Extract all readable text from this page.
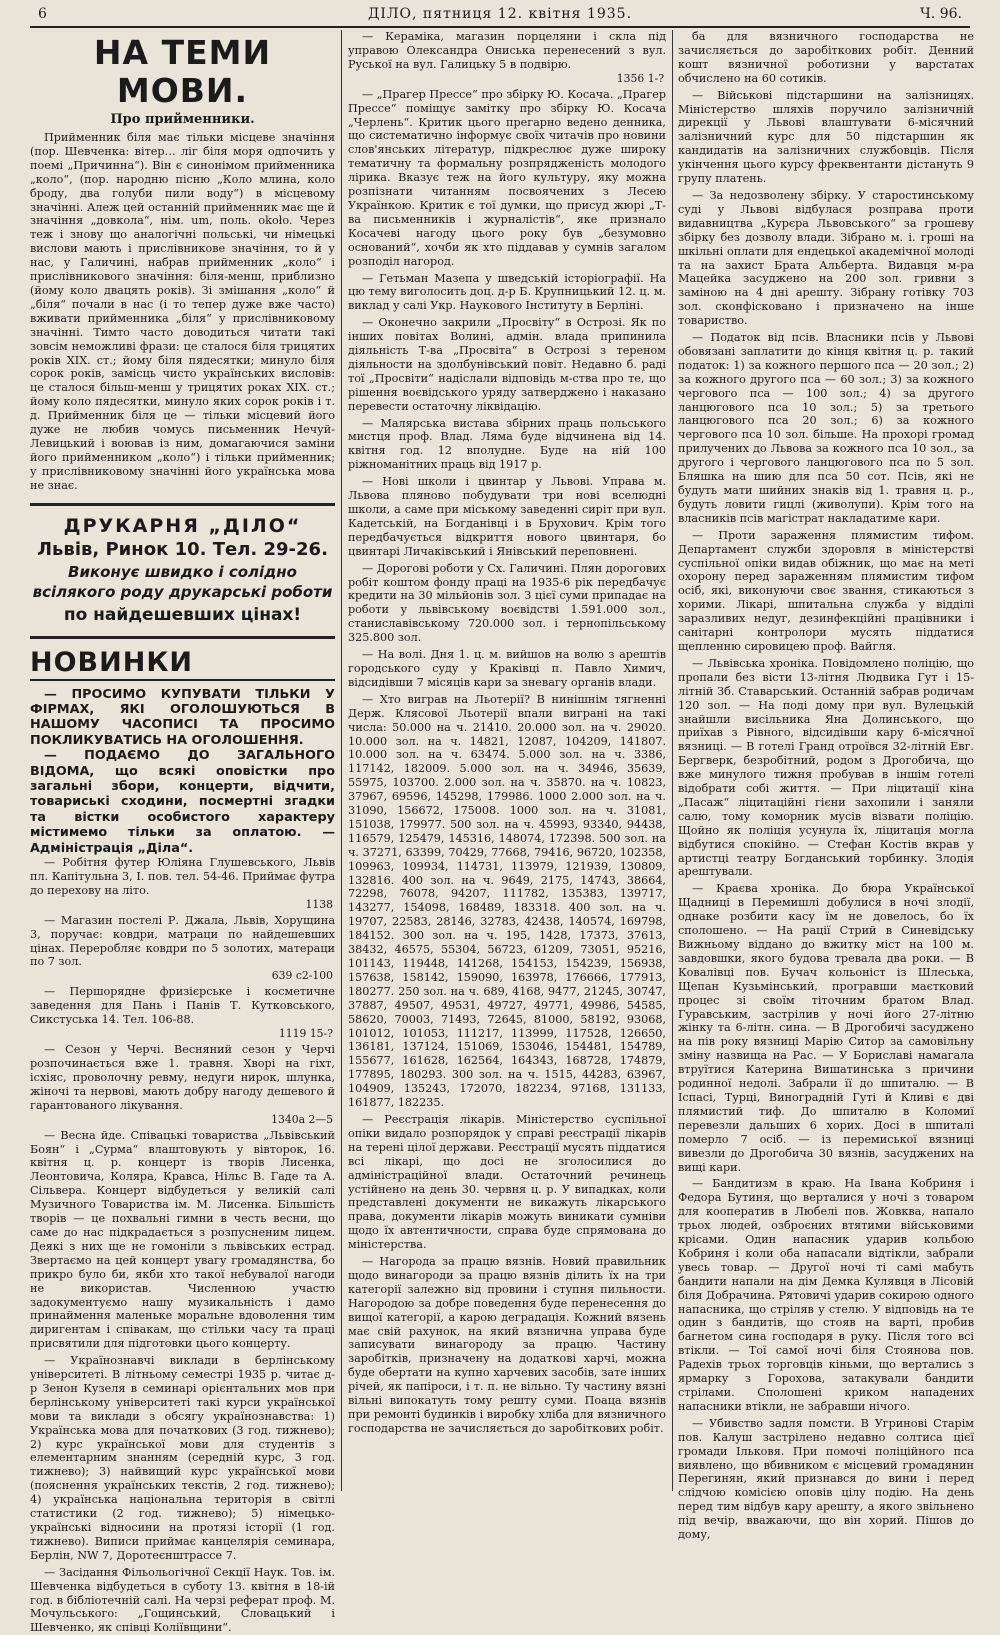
6	ДІЛО, пятниця 12. квітня 1935.	Ч. 96.
НА ТЕМИ МОВИ.
Про прийменники.

Прийменник біля має тільки місцеве значіння (пор. Шевченка: вітер… ліг біля моря одпочить у поемі „Причинна“). Він є синонімом прийменника „коло“, (пор. народню пісню „Коло млина, коло броду, два голуби пили воду“) в місцевому значінні. Алеж цей останній прийменник має ще й значіння „довкола“, нім. um, поль. około. Через теж і знову що аналогічні польські, чи німецькі вислови мають і прислівникове значіння, то й у нас, у Галичині, набрав прийменник „коло“ і прислівникового значіння: біля-менш, приблизно (йому коло двацять років). Зі змішання „коло“ й „біля“ почали в нас (і то тепер дуже вже часто) вживати прийменника „біля“ у прислівниковому значінні. Тимто часто доводиться читати такі зовсім неможливі фрази: це сталося біля трицятих років XIX. ст.; йому біля пядесятки; минуло біля сорок років, замісць чисто українських висловів: це сталося більш-менш у трицятих роках XIX. ст.; йому коло пядесятки, минуло яких сорок років і т. д. Прийменник біля це — тільки місцевий його дуже не любив чомусь письменник Нечуй-Левицький і воював із ним, домагаючися заміни його прийменником „коло“) і тільки прийменник; у прислівниковому значінні його українська мова не знає.

ДРУКАРНЯ „ДІЛО“
Львів, Ринок 10. Тел. 29-26.
Виконує швидко і солідно всілякого роду друкарські роботи
по найдешевших цінах!
НОВИНКИ
— ПРОСИМО КУПУВАТИ ТІЛЬКИ У ФІРМАХ, ЯКІ ОГОЛОШУЮТЬСЯ В НАШОМУ ЧАСОПИСІ ТА ПРОСИМО ПОКЛИКУВАТИСЬ НА ОГОЛОШЕННЯ.
— ПОДАЄМО ДО ЗАГАЛЬНОГО ВІДОМА, що всякі оповістки про загальні збори, концерти, відчити, товариські сходини, посмертні згадки та вістки особистого характеру містимемо тільки за оплатою. — Адміністрація „Діла“.

— Робітня футер Юліяна Глушевського, Львів пл. Капітульна 3, І. пов. тел. 54-46. Приймає футра до перехову на літо.

1138

— Магазин постелі Р. Джала, Львів, Хорущина 3, поручає: ковдри, матраци по найдешевших цінах. Переробляє ковдри по 5 золотих, матераци по 7 зол.

639 с2-100

— Першорядне фризієрське і косметичне заведення для Пань і Панів Т. Кутковського, Сикстуська 14. Тел. 106-88.

1119 15-?

— Сезон у Черчі. Весняний сезон у Черчі розпочинається вже 1. травня. Хворі на гіхт, ісхіяс, проволочну ревму, недуги нирок, шлунка, жіночі та нервові, мають добру нагоду дешевого й гарантованого лікування.

1340а 2—5

— Весна йде. Співацькі товариства „Львівський Боян“ і „Сурма“ влаштовують у вівторок, 16. квітня ц. р. концерт із творів Лисенка, Леонтовича, Коляра, Кравса, Нільс В. Гаде та А. Сільвера. Концерт відбудеться у великій салі Музичного Товариства ім. М. Лисенка. Більшість творів — це похвальні гимни в честь весни, що саме до нас підкрадається з розпусненим лицем. Деякі з них ще не гомоніли з львівських естрад. Звертаємо на цей концерт увагу громадянства, бо прикро було би, якби хто такої небувалої нагоди не використав. Численною участю задокументуємо нашу музикальність і дамо принаймення маленьке моральне вдоволення тим диригентам і співакам, що стільки часу та праці присвятили для підготовки цього концерту.

— Українознавчі виклади в берлінському університеті. В літньому семестрі 1935 р. читає д-р Зенон Кузеля в семинарі орієнтальних мов при берлінському університеті такі курси української мови та виклади з обсягу українознавства: 1) Українська мова для початкових (3 год. тижнево); 2) курс української мови для студентів з елементарним знанням (середній курс, 3 год. тижнево); 3) найвищий курс української мови (пояснення українських текстів, 2 год. тижнево); 4) українська національна територія в світлі статистики (2 год. тижнево); 5) німецько-українські відносини на протязі історії (1 год. тижнево). Виписи приймає канцелярія семинара, Берлін, NW 7, Доротеєнштрассе 7.

— Засідання Фільольогічної Секції Наук. Тов. ім. Шевченка відбудеться в суботу 13. квітня в 18-ій год. в бібліотечній салі. На черзі реферат проф. М. Мочульського: „Гощинський, Словацький і Шевченко, як співці Коліївщини“.

— Кераміка, магазин порцеляни і скла під управою Олександра Ониська перенесений з вул. Руської на вул. Галицьку 5 в подвірю.

1356 1-?

— „Прагер Прессе“ про збірку Ю. Косача. „Прагер Прессе“ поміщує замітку про збірку Ю. Косача „Черлень“. Критик цього прегарно ведено денника, що систематично інформує своїх читачів про новини слов'янських літератур, підкреслює дуже широку тематичну та формальну розпрядженість молодого лірика. Вказує теж на його культуру, яку можна розпізнати читанням посвоячених з Лесею Українкою. Критик є тої думки, що присуд жюрі „Т-ва письменників і журналістів“, яке признало Косачеві нагоду цього року був „безумовно оснований“, хочби як хто піддавав у сумнів загалом розподіл нагород.

— Гетьман Мазепа у шведській історіографії. На цю тему виголосить доц. д-р Б. Крупницький 12. ц. м. виклад у салі Укр. Наукового Інституту в Берліні.

— Оконечно закрили „Просвіту“ в Острозі. Як по інших повітах Волині, адмін. влада припинила діяльність Т-ва „Просвіта“ в Острозі з тереном діяльности на здолбунівський повіт. Недавно б. раді тої „Просвіти“ надіслали відповідь м-ства про те, що рішення воєвідського уряду затверджено і наказано перевести остаточну ліквідацію.

— Малярська вистава збірних праць польського мистця проф. Влад. Ляма буде відчинена від 14. квітня год. 12 вполудне. Буде на ній 100 ріжноманітних праць від 1917 р.

— Нові школи і цвинтар у Львові. Управа м. Львова пляново побудувати три нові вселюдні школи, а саме при міському заведенні сиріт при вул. Кадетській, на Богданівці і в Брухович. Крім того передбачується відкриття нового цвинтаря, бо цвинтарі Личаківський і Янівський переповнені.

— Дорогові роботи у Сх. Галичині. Плян дорогових робіт коштом фонду праці на 1935-6 рік передбачує кредити на 30 мільйонів зол. З цієї суми припадає на роботи у львівському воєвідстві 1.591.000 зол., станиславівському 720.000 зол. і тернопільському 325.800 зол.

— На волі. Дня 1. ц. м. вийшов на волю з арештів городського суду у Краківці п. Павло Химич, відсидівши 7 місяців кари за зневагу органів влади.

— Хто виграв на Льотерії? В нинішнім тягненні Держ. Клясової Льотерії впали виграні на такі числа: 50.000 на ч. 21410. 20.000 зол. на ч. 29020. 10.000 зол. на ч. 14821, 12087, 104209, 141807. 10.000 зол. на ч. 63474. 5.000 зол. на ч. 3386, 117142, 182009. 5.000 зол. на ч. 34946, 35639, 55975, 103700. 2.000 зол. на ч. 35870. на ч. 10823, 37967, 69596, 145298, 179986. 1000 2.000 зол. на ч. 31090, 156672, 175008. 1000 зол. на ч. 31081, 151038, 179977. 500 зол. на ч. 45993, 93340, 94438, 116579, 125479, 145316, 148074, 172398. 500 зол. на ч. 37271, 63399, 70429, 77668, 79416, 96720, 102358, 109963, 109934, 114731, 113979, 121939, 130809, 132816. 400 зол. на ч. 9649, 2175, 14743, 38664, 72298, 76078, 94207, 111782, 135383, 139717, 143277, 154098, 168489, 183318. 400 зол. на ч. 19707, 22583, 28146, 32783, 42438, 140574, 169798, 184152. 300 зол. на ч. 195, 1428, 17373, 37613, 38432, 46575, 55304, 56723, 61209, 73051, 95216, 101143, 119448, 141268, 154153, 154239, 156938, 157638, 158142, 159090, 163978, 176666, 177913, 180277. 250 зол. на ч. 689, 4168, 9477, 21245, 30747, 37887, 49507, 49531, 49727, 49771, 49986, 54585, 58620, 70003, 71493, 72645, 81000, 58192, 93068, 101012, 101053, 111217, 113999, 117528, 126650, 136181, 137124, 151069, 153046, 154481, 154789, 155677, 161628, 162564, 164343, 168728, 174879, 177895, 180293. 300 зол. на ч. 1515, 44283, 63967, 104909, 135243, 172070, 182234, 97168, 131133, 161877, 182235.

— Реєстрація лікарів. Міністерство суспільної опіки видало розпорядок у справі реєстрації лікарів на терені цілої держави. Реєстрації мусять піддатися всі лікарі, що досі не зголосилися до адміністраційної влади. Остаточний речинець устійнено на день 30. червня ц. р. У випадках, коли представлені документи не викажуть лікарського права, документи лікарів можуть виникати сумніви щодо їх автентичности, справа буде спрямована до міністерства.

— Нагорода за працю вязнів. Новий правильник щодо винагороди за працю вязнів ділить їх на три категорії залежно від провини і ступня пильности. Нагородою за добре поведення буде перенесення до вищої категорії, а карою деградація. Кожний вязень має свій рахунок, на який вязнична управа буде записувати винагороду за працю. Частину заробітків, призначену на додаткові харчі, можна буде обертати на купно харчевих засобів, зате інших річей, як папіроси, і т. п. не вільно. Ту частину вязні вільні випокатуть тому решту суми. Поаца вязнів при ремонті будинків і виробку хліба для вязничного господарства не зачисляється до заробіткових робіт.

ба для вязничного господарства не зачисляється до заробіткових робіт. Денний кошт вязничної роботизни у варстатах обчислено на 60 сотиків.

— Військові підстаршини на залізницях. Міністерство шляхів поручило залізничній дирекції у Львові влаштувати 6-місячний залізничний курс для 50 підстаршин як кандидатів на залізничних службовців. Після укінчення цього курсу фреквентанти дістануть 9 групу платень.

— За недозволену збірку. У старостинському суді у Львові відбулася розправа проти видавництва „Курєра Львовського“ за грошеву збірку без дозволу влади. Зібрано м. і. гроші на шкільні оплати для ендецької академічної молоді та на захист Брата Альберта. Видавця м-ра Мацейка засуджено на 200 зол. гривни з заміною на 4 дні арешту. Зібрану готівку 703 зол. сконфісковано і призначено на інше товариство.

— Податок від псів. Власники псів у Львові обовязані заплатити до кінця квітня ц. р. такий податок: 1) за кожного першого пса — 20 зол.; 2) за кожного другого пса — 60 зол.; 3) за кожного чергового пса — 100 зол.; 4) за другого ланцюгового пса 10 зол.; 5) за третього ланцюгового пса 20 зол.; 6) за кожного чергового пса 10 зол. більше. На прохорі громад прилучених до Львова за кожного пса 10 зол., за другого і чергового ланцюгового пса по 5 зол. Бляшка на шию для пса 50 сот. Псів, які не будуть мати шийних знаків від 1. травня ц. р., будуть ловити гицлі (живолупи). Крім того на власників псів магістрат накладатиме кари.

— Проти зараження плямистим тифом. Департамент служби здоровля в міністерстві суспільної опіки видав обіжник, що має на меті охорону перед зараженням плямистим тифом осіб, які, виконуючи своє звання, стикаються з хорими. Лікарі, шпитальна служба у відділі заразливих недуг, дезинфекційні працівники і санітарні контролори мусять піддатися щепленню сировицею проф. Вайгля.

— Львівська хроніка. Повідомлено поліцію, що пропали без вісти 13-літня Людвика Гут і 15-літній Зб. Ставарський. Останній забрав родичам 120 зол. — На поді дому при вул. Вулецькій знайшли висільника Яна Долинського, що приїхав з Рівного, відсидівши кару 6-місячної вязниці. — В готелі Гранд отроївся 32-літній Евг. Бергверк, безробітний, родом з Дрогобича, що вже минулого тижня пробував в іншім готелі відобрати собі життя. — При ліцитації кіна „Пасаж“ ліцитаційні гієни захопили і заняли салю, тому коморник мусів візвати поліцію. Щойно як поліція усунула їх, ліцитація могла відбутися спокійно. — Стефан Костів вкрав у артистці театру Богданський торбинку. Злодія арештували.

— Краєва хроніка. До бюра Української Щадниці в Перемишлі добулися в ночі злодії, однаке розбити касу їм не довелось, бо їх сполошено. — На рації Стрий в Синевідську Вижньому віддано до вжитку міст на 100 м. завдовшки, якого будова тревала два роки. — В Ковалівці пов. Бучач кольоніст із Шлеська, Щепан Кузьмінський, програвши маєтковий процес зі своїм тіточним братом Влад. Гуравським, застрілив у ночі його 27-літню жінку та 6-літн. сина. — В Дрогобичі засуджено на пів року вязниці Марію Ситор за самовільну зміну назвища на Рас. — У Бориславі намагала втруїтися Катерина Вишатинська з причини родинної недолі. Забрали її до шпиталю. — В Іспасі, Турці, Виноградній Гуті й Кливі є дві плямистий тиф. До шпиталю в Коломиї перевезли дальших 6 хорих. Досі в шпиталі померло 7 осіб. — із перемиської вязниці вивезли до Дрогобича 30 вязнів, засуджених на вищі кари.

— Бандитизм в краю. На Івана Кобриня і Федора Бутиня, що верталися у ночі з товаром для кооператив в Любелі пов. Жовква, напало трьох людей, озброєних втятими військовими крісами. Один напасник ударив кольбою Кобриня і коли оба напасали відтікли, забрали увесь товар. — Другої ночі ті самі мабуть бандити напали на дім Демка Кулявця в Лісовій біля Добрачина. Рятовичі ударив сокирою одного напасника, що стріляв у стелю. У відповідь на те один з бандитів, що стояв на варті, пробив багнетом сина господаря в руку. Після того всі втікли. — Тої самої ночі біля Стоянова пов. Радехів трьох торговців кіньми, що вертались з ярмарку з Горохова, затакували бандити стрілами. Сполошені криком нападених напасники втікли, не забравши нічого.

— Убивство задля помсти. В Угринові Старім пов. Калуш застрілено недавно солтиса цієї громади Ільковя. При помочі поліційного пса виявлено, що вбивником є місцевий громадянин Перегинян, який признався до вини і перед слідчою комісією оповів цілу подію. На день перед тим відбув кару арешту, а якого звільнено під вечір, вважаючи, що він хорий. Пішов до дому,
